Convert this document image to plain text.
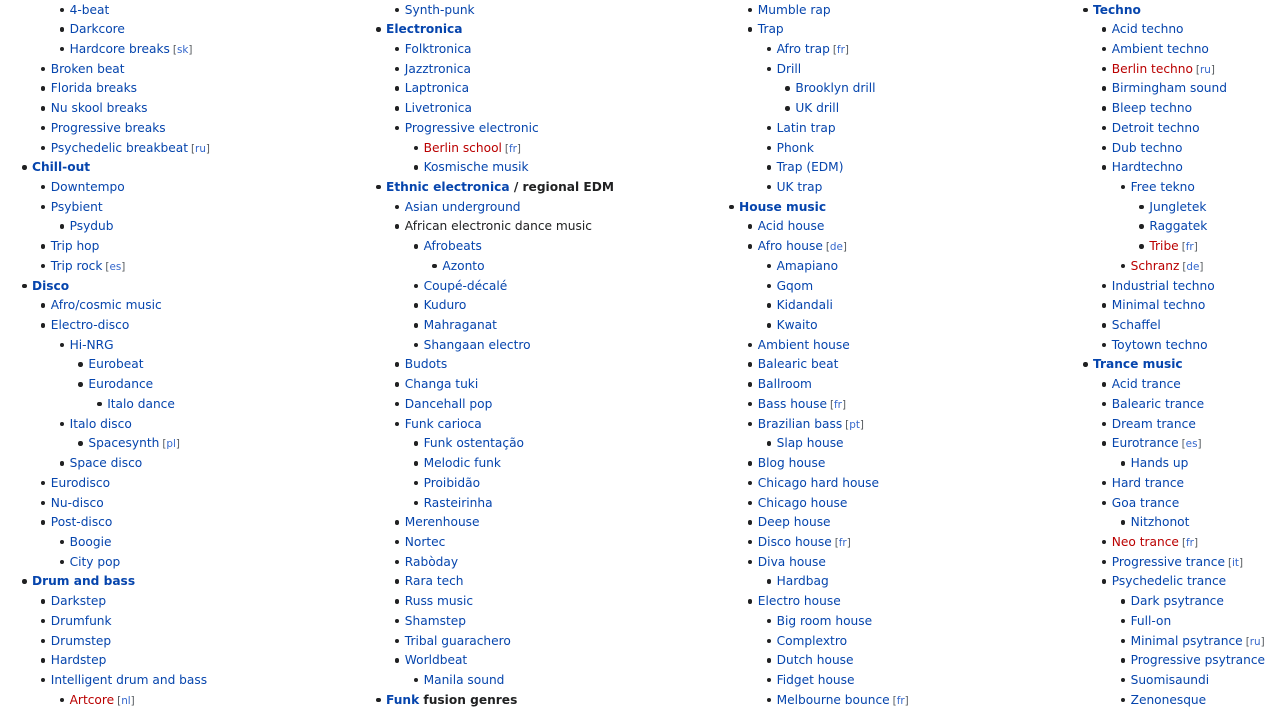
4-beat
Darkcore
Hardcore breaks [sk]
Broken beat
Florida breaks
Nu skool breaks
Progressive breaks
Psychedelic breakbeat [ru]
Chill-out
Downtempo
Psybient
Psydub
Trip hop
Trip rock [es]
Disco
Afro/cosmic music
Electro-disco
Hi-NRG
Eurobeat
Eurodance
Italo dance
Italo disco
Spacesynth [pl]
Space disco
Eurodisco
Nu-disco
Post-disco
Boogie
City pop
Drum and bass
Darkstep
Drumfunk
Drumstep
Hardstep
Intelligent drum and bass
Artcore [nl]
Synth-punk
Electronica
Folktronica
Jazztronica
Laptronica
Livetronica
Progressive electronic
Berlin school [fr]
Kosmische musik
Ethnic electronica / regional EDM
Asian underground
African electronic dance music
Afrobeats
Azonto
Coupé-décalé
Kuduro
Mahraganat
Shangaan electro
Budots
Changa tuki
Dancehall pop
Funk carioca
Funk ostentação
Melodic funk
Proibidão
Rasteirinha
Merenhouse
Nortec
Rabòday
Rara tech
Russ music
Shamstep
Tribal guarachero
Worldbeat
Manila sound
Funk fusion genres
Mumble rap
Trap
Afro trap [fr]
Drill
Brooklyn drill
UK drill
Latin trap
Phonk
Trap (EDM)
UK trap
House music
Acid house
Afro house [de]
Amapiano
Gqom
Kidandali
Kwaito
Ambient house
Balearic beat
Ballroom
Bass house [fr]
Brazilian bass [pt]
Slap house
Blog house
Chicago hard house
Chicago house
Deep house
Disco house [fr]
Diva house
Hardbag
Electro house
Big room house
Complextro
Dutch house
Fidget house
Melbourne bounce [fr]
Techno
Acid techno
Ambient techno
Berlin techno [ru]
Birmingham sound
Bleep techno
Detroit techno
Dub techno
Hardtechno
Free tekno
Jungletek
Raggatek
Tribe [fr]
Schranz [de]
Industrial techno
Minimal techno
Schaffel
Toytown techno
Trance music
Acid trance
Balearic trance
Dream trance
Eurotrance [es]
Hands up
Hard trance
Goa trance
Nitzhonot
Neo trance [fr]
Progressive trance [it]
Psychedelic trance
Dark psytrance
Full-on
Minimal psytrance [ru]
Progressive psytrance
Suomisaundi
Zenonesque
